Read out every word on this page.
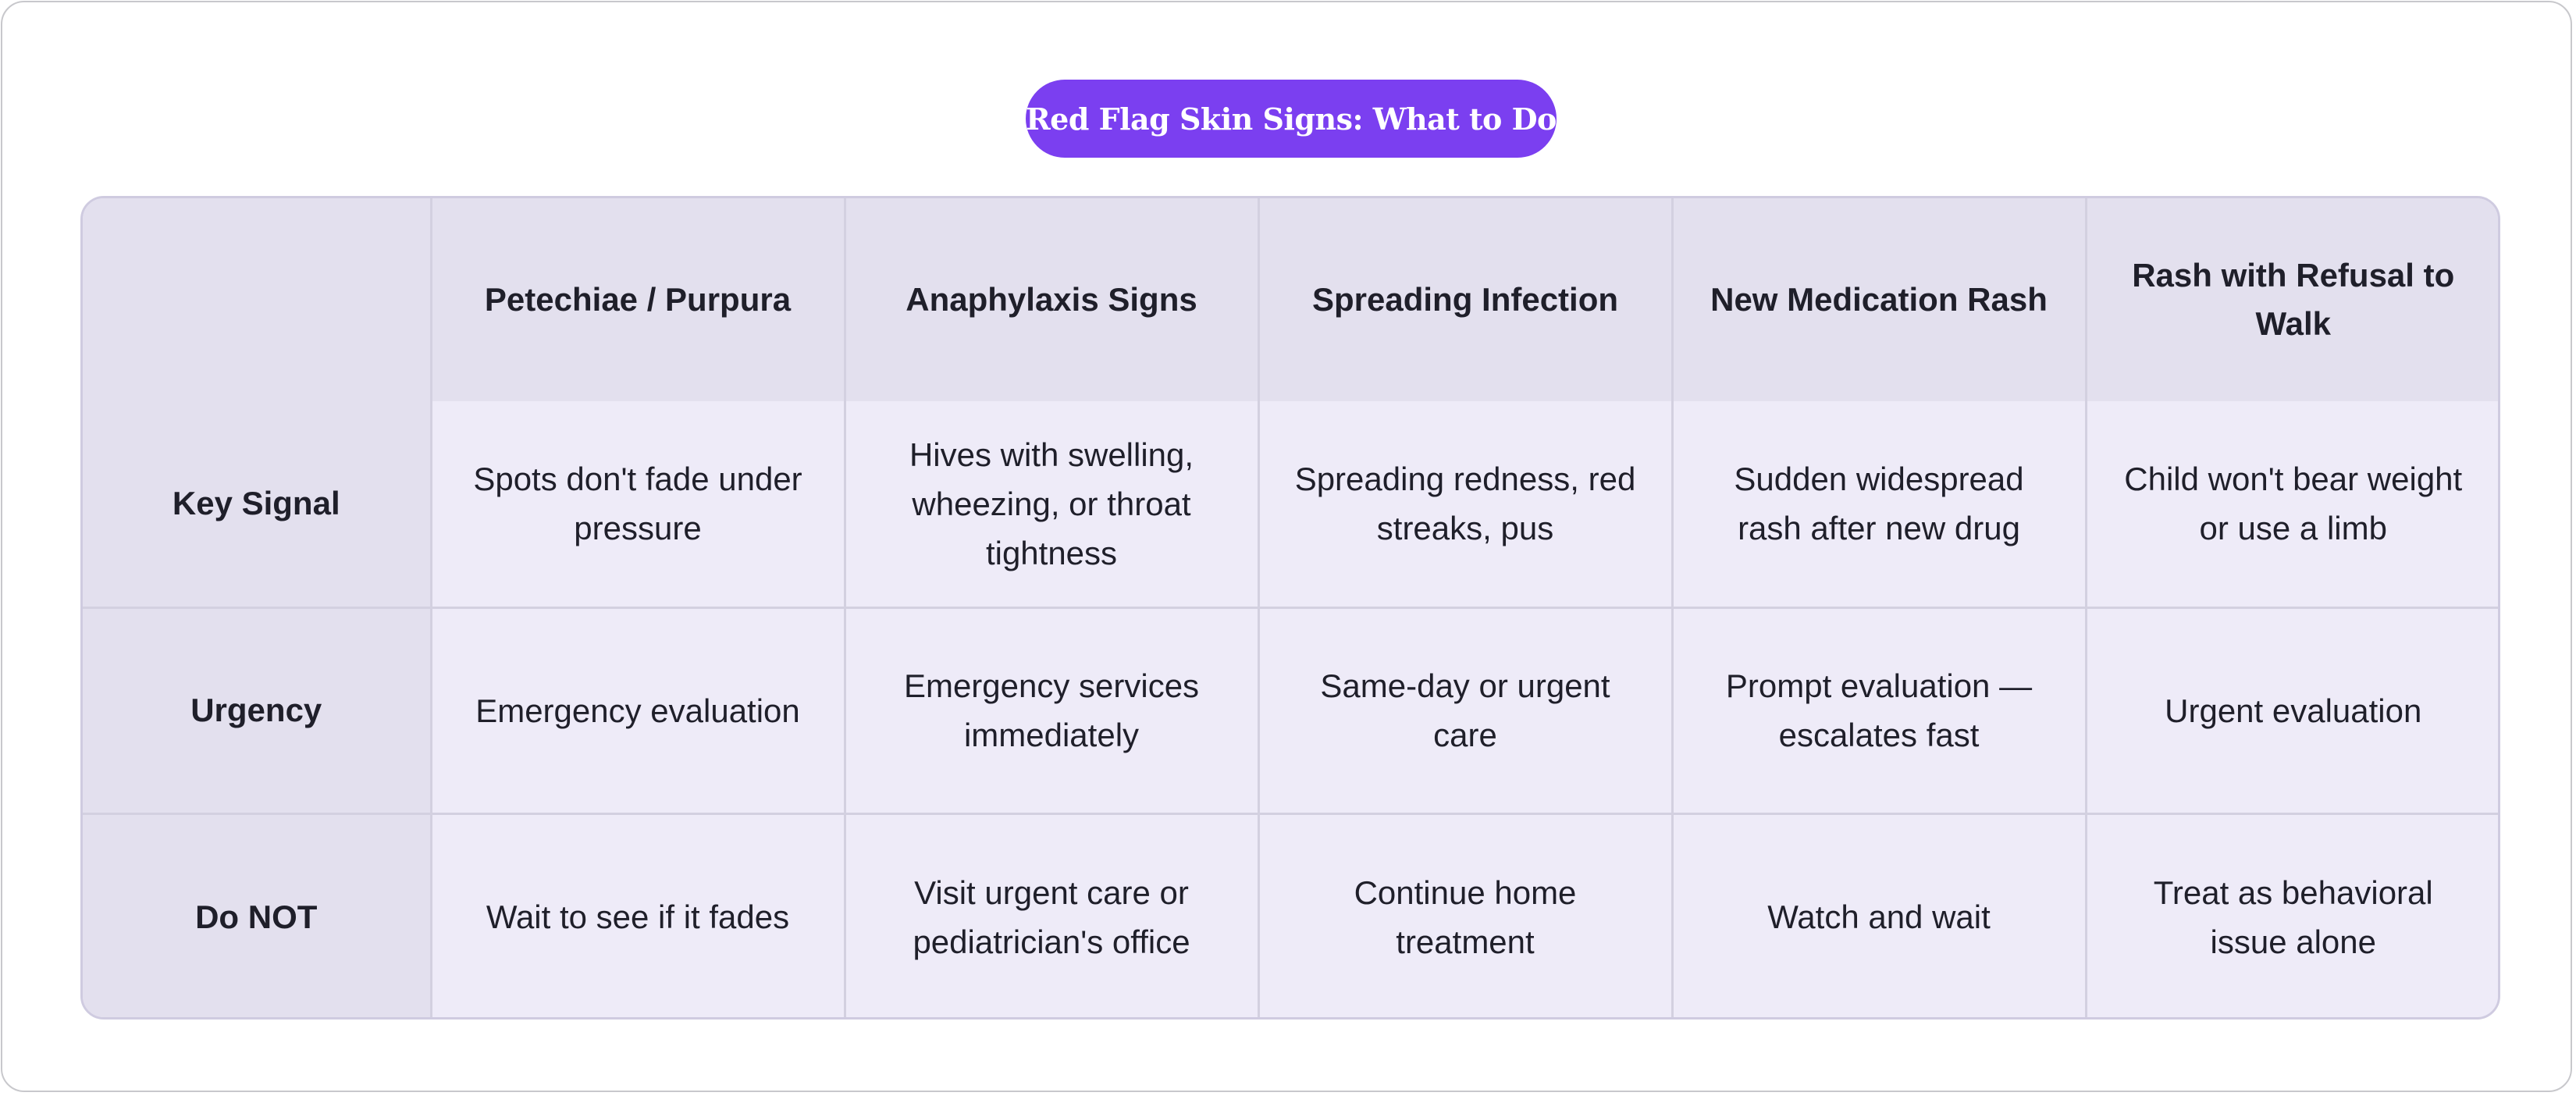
Red Flag Skin Signs: What to Do
	Petechiae / Purpura	Anaphylaxis Signs	Spreading Infection	New Medication Rash	Rash with Refusal to Walk
Key Signal	Spots don't fade under pressure	Hives with swelling, wheezing, or throat tightness	Spreading redness, red streaks, pus	Sudden widespread rash after new drug	Child won't bear weight or use a limb
Urgency	Emergency evaluation	Emergency services immediately	Same-day or urgent care	Prompt evaluation — escalates fast	Urgent evaluation
Do NOT	Wait to see if it fades	Visit urgent care or pediatrician's office	Continue home treatment	Watch and wait	Treat as behavioral issue alone
